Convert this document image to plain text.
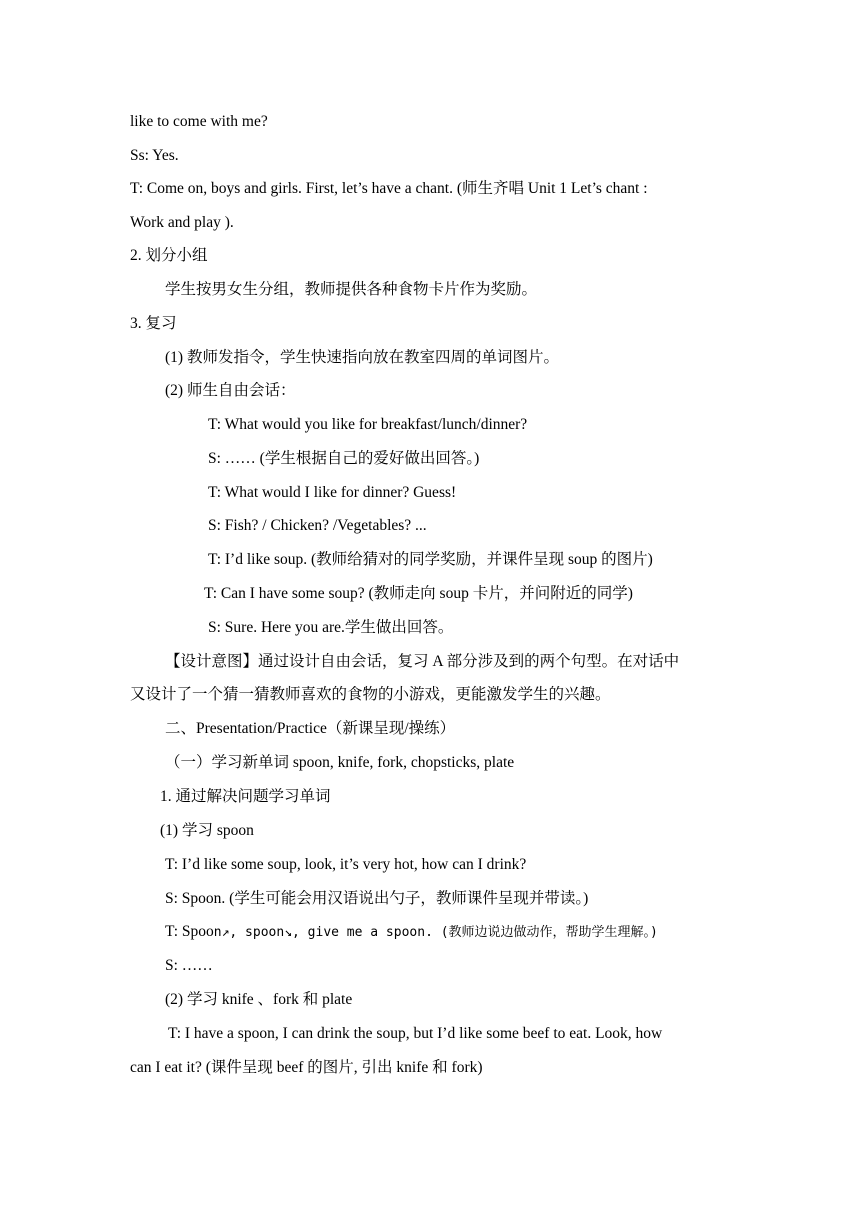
like to come with me?
Ss: Yes.
T: Come on, boys and girls. First, let’s have a chant. (师生齐唱 Unit 1 Let’s chant :
Work and play ).
2. 划分小组
学生按男女生分组，教师提供各种食物卡片作为奖励。
3. 复习
(1) 教师发指令，学生快速指向放在教室四周的单词图片。
(2) 师生自由会话：
T: What would you like for breakfast/lunch/dinner?
S: …… (学生根据自己的爱好做出回答。)
T: What would I like for dinner? Guess!
S: Fish? / Chicken? /Vegetables? ...
T: I’d like soup. (教师给猜对的同学奖励，并课件呈现 soup 的图片)
T: Can I have some soup? (教师走向 soup 卡片，并问附近的同学)
S: Sure. Here you are.学生做出回答。
【设计意图】通过设计自由会话，复习 A 部分涉及到的两个句型。在对话中
又设计了一个猜一猜教师喜欢的食物的小游戏，更能激发学生的兴趣。
二、Presentation/Practice（新课呈现/操练）
（一）学习新单词 spoon, knife, fork, chopsticks, plate
1. 通过解决问题学习单词
(1) 学习 spoon
T: I’d like some soup, look, it’s very hot, how can I drink?
S: Spoon. (学生可能会用汉语说出勺子，教师课件呈现并带读。)
T: Spoon↗, spoon↘, give me a spoon. (教师边说边做动作，帮助学生理解。)
S: ……
(2) 学习 knife 、fork 和 plate
T: I have a spoon, I can drink the soup, but I’d like some beef to eat. Look, how
can I eat it? (课件呈现 beef 的图片, 引出 knife 和 fork)
